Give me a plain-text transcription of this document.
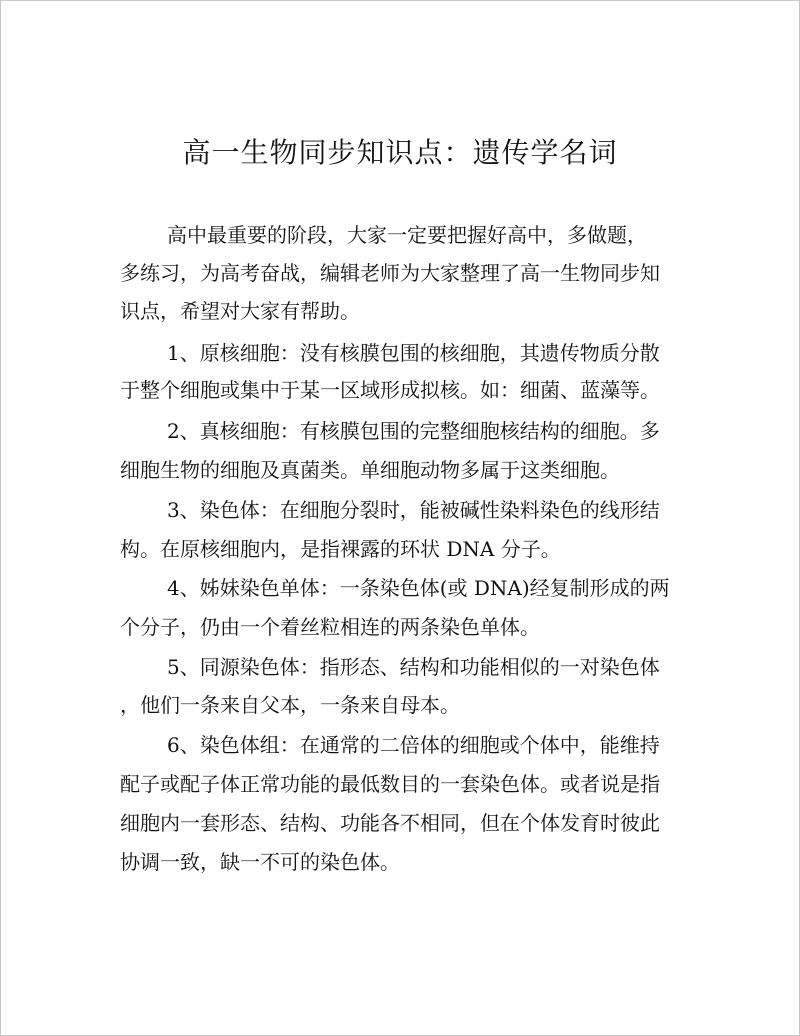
高一生物同步知识点：遗传学名词
高中最重要的阶段，大家一定要把握好高中，多做题，
多练习，为高考奋战，编辑老师为大家整理了高一生物同步知
识点，希望对大家有帮助。
1、原核细胞：没有核膜包围的核细胞，其遗传物质分散
于整个细胞或集中于某一区域形成拟核。如：细菌、蓝藻等。
2、真核细胞：有核膜包围的完整细胞核结构的细胞。多
细胞生物的细胞及真菌类。单细胞动物多属于这类细胞。
3、染色体：在细胞分裂时，能被碱性染料染色的线形结
构。在原核细胞内，是指裸露的环状 DNA 分子。
4、姊妹染色单体：一条染色体(或 DNA)经复制形成的两
个分子，仍由一个着丝粒相连的两条染色单体。
5、同源染色体：指形态、结构和功能相似的一对染色体
，他们一条来自父本，一条来自母本。
6、染色体组：在通常的二倍体的细胞或个体中，能维持
配子或配子体正常功能的最低数目的一套染色体。或者说是指
细胞内一套形态、结构、功能各不相同，但在个体发育时彼此
协调一致，缺一不可的染色体。
